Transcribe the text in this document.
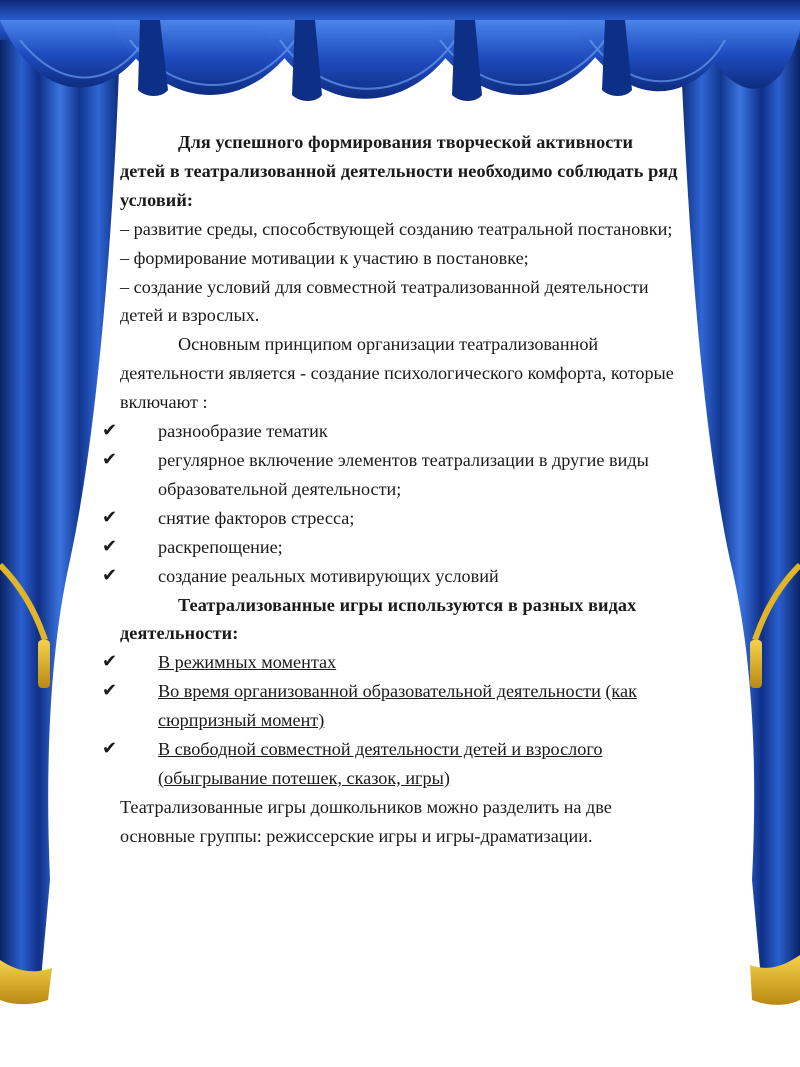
Для успешного формирования творческой активности детей в театрализованной деятельности необходимо соблюдать ряд условий:

– развитие среды, способствующей созданию театральной постановки;

– формирование мотивации к участию в постановке;

– создание условий для совместной театрализованной деятельности детей и взрослых.

Основным принципом организации театрализованной деятельности является - создание психологического комфорта, которые включают :

✔ разнообразие тематик

✔ регулярное включение элементов театрализации в другие виды образовательной деятельности;

✔ снятие факторов стресса;

✔ раскрепощение;

✔ создание реальных мотивирующих условий

Театрализованные игры используются в разных видах деятельности:

✔ В режимных моментах

✔ Во время организованной образовательной деятельности (как сюрпризный момент)

✔ В свободной совместной деятельности детей и взрослого (обыгрывание потешек, сказок, игры)

Театрализованные игры дошкольников можно разделить на две основные группы: режиссерские игры и игры-драматизации.
